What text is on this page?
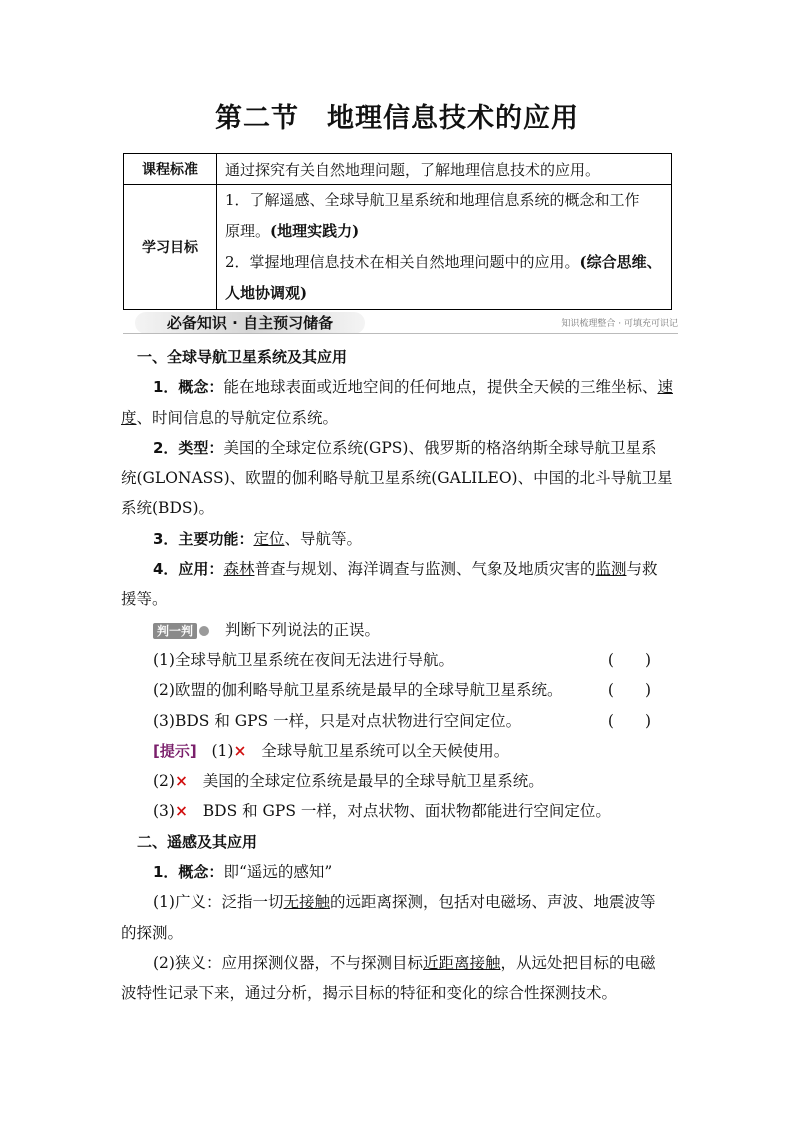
第二节　地理信息技术的应用
课程标准	通过探究有关自然地理问题，了解地理信息技术的应用。
学习目标	1．了解遥感、全球导航卫星系统和地理信息系统的概念和工作
原理。(地理实践力)
2．掌握地理信息技术在相关自然地理问题中的应用。(综合思维、
人地协调观)
必备知识 · 自主预习储备	知识梳理整合 · 可填充可识记

一、全球导航卫星系统及其应用

1．概念：能在地球表面或近地空间的任何地点，提供全天候的三维坐标、速度、时间信息的导航定位系统。

2．类型：美国的全球定位系统(GPS)、俄罗斯的格洛纳斯全球导航卫星系
统(GLONASS)、欧盟的伽利略导航卫星系统(GALILEO)、中国的北斗导航卫星
系统(BDS)。

3．主要功能：定位、导航等。

4．应用：森林普查与规划、海洋调查与监测、气象及地质灾害的监测与救
援等。

判一判 判断下列说法的正误。

(1)全球导航卫星系统在夜间无法进行导航。	(　　)

(2)欧盟的伽利略导航卫星系统是最早的全球导航卫星系统。	(　　)

(3)BDS 和 GPS 一样，只是对点状物进行空间定位。	(　　)

[提示] (1)× 全球导航卫星系统可以全天候使用。

(2)× 美国的全球定位系统是最早的全球导航卫星系统。

(3)× BDS 和 GPS 一样，对点状物、面状物都能进行空间定位。

二、遥感及其应用

1．概念：即“遥远的感知”

(1)广义：泛指一切无接触的远距离探测，包括对电磁场、声波、地震波等
的探测。

(2)狭义：应用探测仪器，不与探测目标近距离接触，从远处把目标的电磁
波特性记录下来，通过分析，揭示目标的特征和变化的综合性探测技术。
